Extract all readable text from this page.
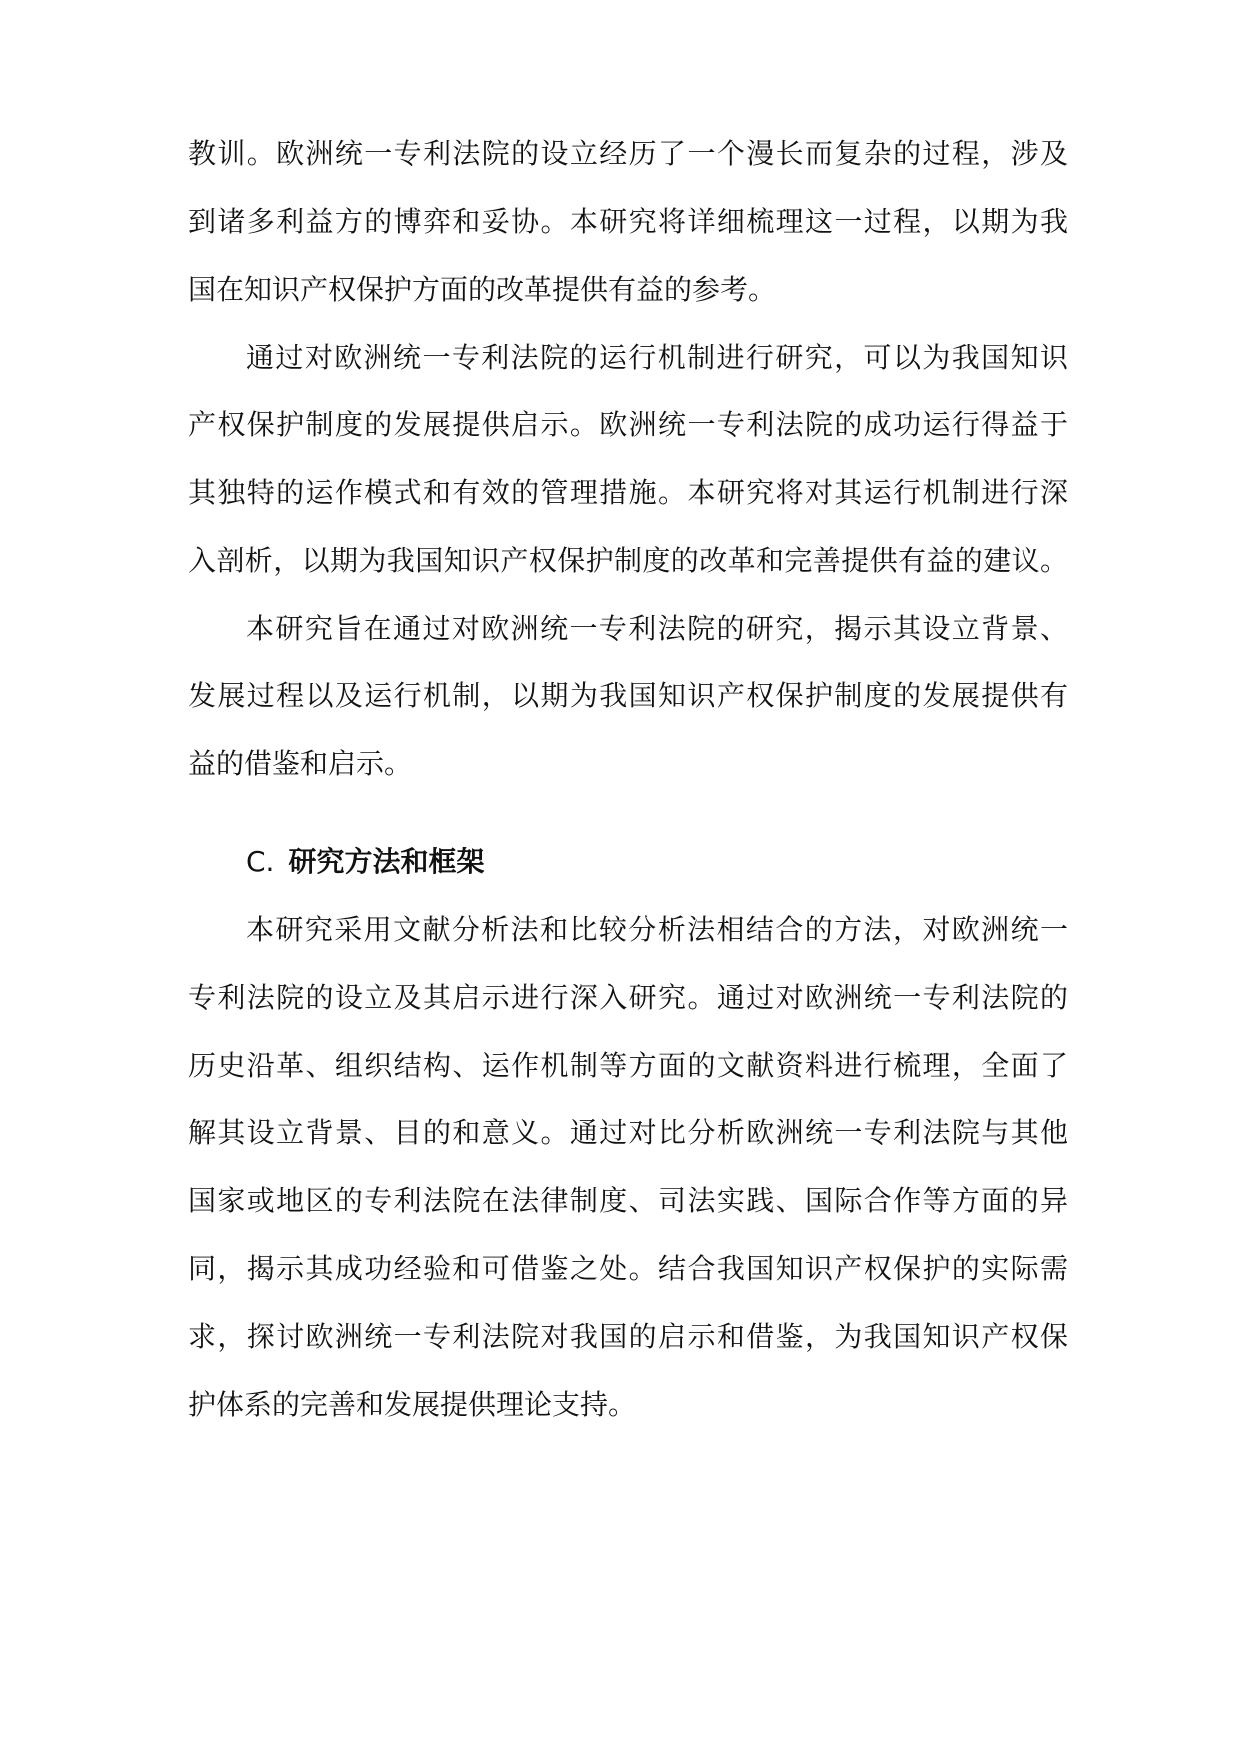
教训。欧洲统一专利法院的设立经历了一个漫长而复杂的过程，涉及
到诸多利益方的博弈和妥协。本研究将详细梳理这一过程，以期为我
国在知识产权保护方面的改革提供有益的参考。
通过对欧洲统一专利法院的运行机制进行研究，可以为我国知识
产权保护制度的发展提供启示。欧洲统一专利法院的成功运行得益于
其独特的运作模式和有效的管理措施。本研究将对其运行机制进行深
入剖析，以期为我国知识产权保护制度的改革和完善提供有益的建议。
本研究旨在通过对欧洲统一专利法院的研究，揭示其设立背景、
发展过程以及运行机制，以期为我国知识产权保护制度的发展提供有
益的借鉴和启示。
C. 研究方法和框架
本研究采用文献分析法和比较分析法相结合的方法，对欧洲统一
专利法院的设立及其启示进行深入研究。通过对欧洲统一专利法院的
历史沿革、组织结构、运作机制等方面的文献资料进行梳理，全面了
解其设立背景、目的和意义。通过对比分析欧洲统一专利法院与其他
国家或地区的专利法院在法律制度、司法实践、国际合作等方面的异
同，揭示其成功经验和可借鉴之处。结合我国知识产权保护的实际需
求，探讨欧洲统一专利法院对我国的启示和借鉴，为我国知识产权保
护体系的完善和发展提供理论支持。
